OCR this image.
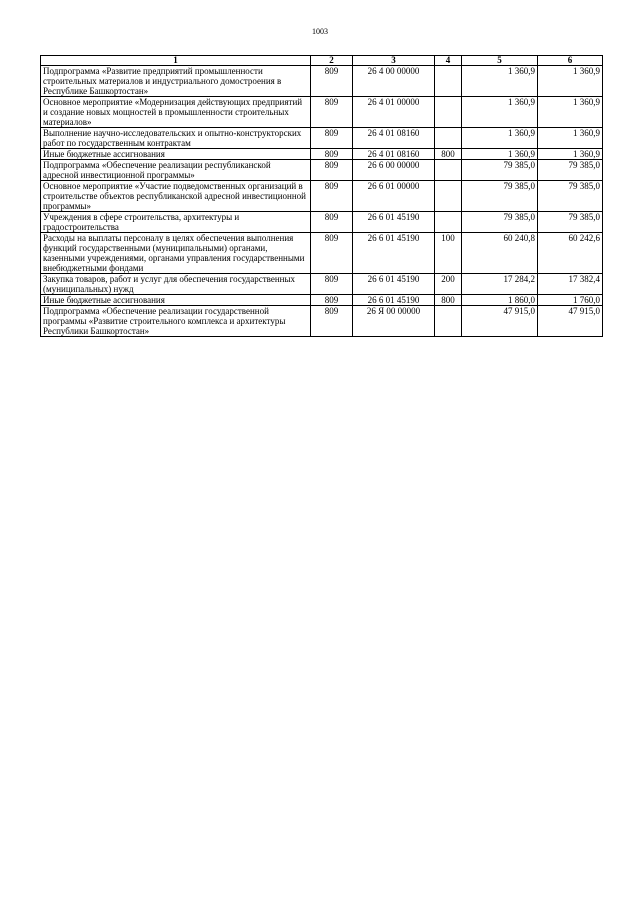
1003
1	2	3	4	5	6
Подпрограмма «Развитие предприятий промышленности строительных материалов и индустриального домостроения в Республике Башкортостан»	809	26 4 00 00000		1 360,9	1 360,9
Основное мероприятие «Модернизация действующих предприятий и создание новых мощностей в промышленности строительных материалов»	809	26 4 01 00000		1 360,9	1 360,9
Выполнение научно-исследовательских и опытно-конструкторских работ по государственным контрактам	809	26 4 01 08160		1 360,9	1 360,9
Иные бюджетные ассигнования	809	26 4 01 08160	800	1 360,9	1 360,9
Подпрограмма «Обеспечение реализации республиканской адресной инвестиционной программы»	809	26 6 00 00000		79 385,0	79 385,0
Основное мероприятие «Участие подведомственных организаций в строительстве объектов республиканской адресной инвестиционной программы»	809	26 6 01 00000		79 385,0	79 385,0
Учреждения в сфере строительства, архитектуры и градостроительства	809	26 6 01 45190		79 385,0	79 385,0
Расходы на выплаты персоналу в целях обеспечения выполнения функций государственными (муниципальными) органами, казенными учреждениями, органами управления государственными внебюджетными фондами	809	26 6 01 45190	100	60 240,8	60 242,6
Закупка товаров, работ и услуг для обеспечения государственных (муниципальных) нужд	809	26 6 01 45190	200	17 284,2	17 382,4
Иные бюджетные ассигнования	809	26 6 01 45190	800	1 860,0	1 760,0
Подпрограмма «Обеспечение реализации государственной программы «Развитие строительного комплекса и архитектуры Республики Башкортостан»	809	26 Я 00 00000		47 915,0	47 915,0
